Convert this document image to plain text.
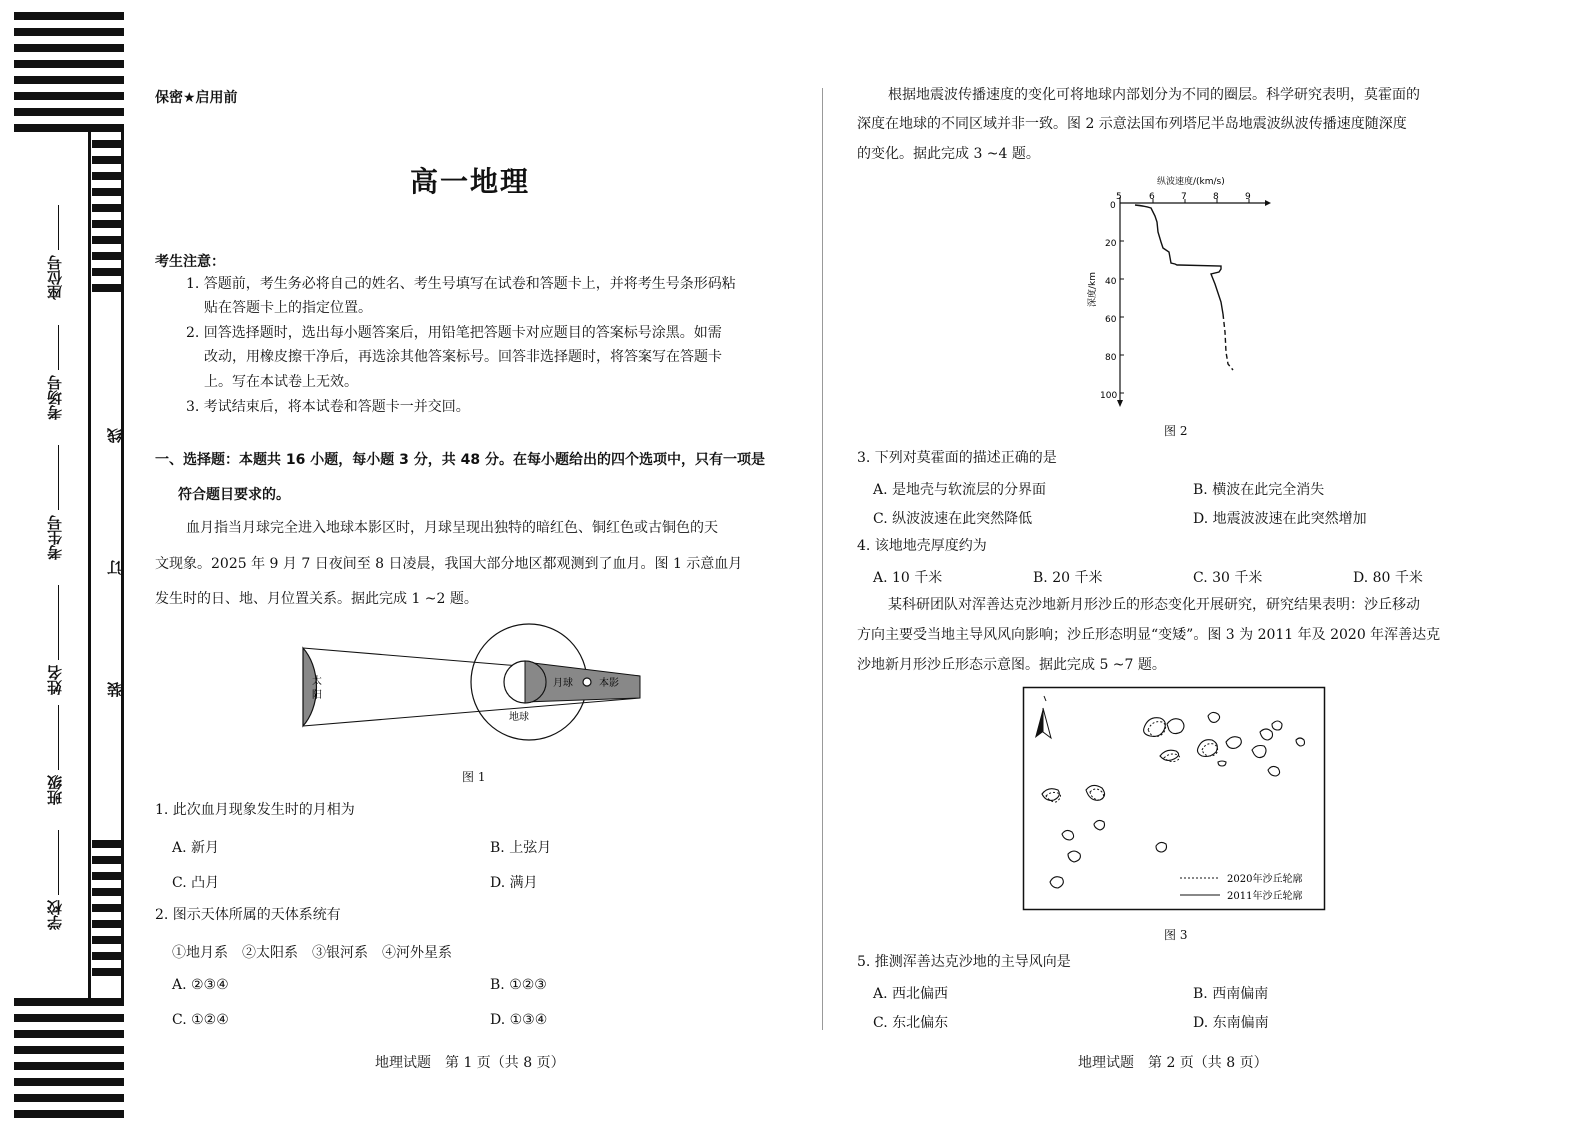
座位号
考场号
考生号
姓名
班级
学校
线
订
装
保密★启用前
高一地理
考生注意：
1. 答题前，考生务必将自己的姓名、考生号填写在试卷和答题卡上，并将考生号条形码粘
贴在答题卡上的指定位置。
2. 回答选择题时，选出每小题答案后，用铅笔把答题卡对应题目的答案标号涂黑。如需
改动，用橡皮擦干净后，再选涂其他答案标号。回答非选择题时，将答案写在答题卡
上。写在本试卷上无效。
3. 考试结束后，将本试卷和答题卡一并交回。
一、选择题：本题共 16 小题，每小题 3 分，共 48 分。在每小题给出的四个选项中，只有一项是
符合题目要求的。
血月指当月球完全进入地球本影区时，月球呈现出独特的暗红色、铜红色或古铜色的天
文现象。2025 年 9 月 7 日夜间至 8 日凌晨，我国大部分地区都观测到了血月。图 1 示意血月
发生时的日、地、月位置关系。据此完成 1 ~2 题。
太
阳
月球	本影
地球
图 1
1. 此次血月现象发生时的月相为
A. 新月	B. 上弦月
C. 凸月	D. 满月
2. 图示天体所属的天体系统有
①地月系　②太阳系　③银河系　④河外星系
A. ②③④	B. ①②③
C. ①②④	D. ①③④
地理试题　第 1 页（共 8 页）
根据地震波传播速度的变化可将地球内部划分为不同的圈层。科学研究表明，莫霍面的
深度在地球的不同区域并非一致。图 2 示意法国布列塔尼半岛地震波纵波传播速度随深度
的变化。据此完成 3 ~4 题。
纵波速度/(km/s)
5	6	7	8	9
0
20
40
60
80
100
深度/km
图 2
3. 下列对莫霍面的描述正确的是
A. 是地壳与软流层的分界面	B. 横波在此完全消失
C. 纵波波速在此突然降低	D. 地震波波速在此突然增加
4. 该地地壳厚度约为
A. 10 千米	B. 20 千米	C. 30 千米	D. 80 千米
某科研团队对浑善达克沙地新月形沙丘的形态变化开展研究，研究结果表明：沙丘移动
方向主要受当地主导风风向影响；沙丘形态明显“变矮”。图 3 为 2011 年及 2020 年浑善达克
沙地新月形沙丘形态示意图。据此完成 5 ~7 题。
2020年沙丘轮廓
2011年沙丘轮廓
图 3
5. 推测浑善达克沙地的主导风向是
A. 西北偏西	B. 西南偏南
C. 东北偏东	D. 东南偏南
地理试题　第 2 页（共 8 页）
